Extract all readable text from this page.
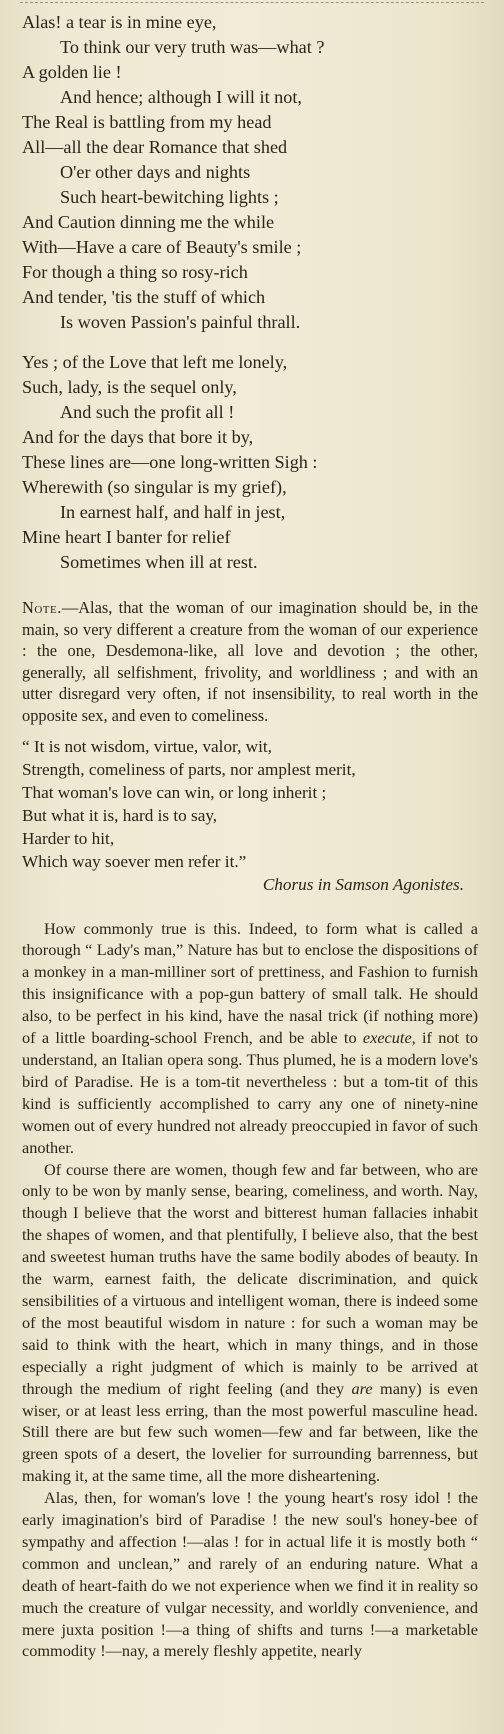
Alas! a tear is in mine eye,
To think our very truth was—what ?
A golden lie !
And hence; although I will it not,
The Real is battling from my head
All—all the dear Romance that shed
O'er other days and nights
Such heart-bewitching lights ;
And Caution dinning me the while
With—Have a care of Beauty's smile ;
For though a thing so rosy-rich
And tender, 'tis the stuff of which
Is woven Passion's painful thrall.
Yes ; of the Love that left me lonely,
Such, lady, is the sequel only,
And such the profit all !
And for the days that bore it by,
These lines are—one long-written Sigh :
Wherewith (so singular is my grief),
In earnest half, and half in jest,
Mine heart I banter for relief
Sometimes when ill at rest.

Note.—Alas, that the woman of our imagination should be, in the main, so very different a creature from the woman of our experience : the one, Desdemona-like, all love and devotion ; the other, generally, all selfishment, frivolity, and worldliness ; and with an utter disregard very often, if not insensibility, to real worth in the opposite sex, and even to comeliness.

“ It is not wisdom, virtue, valor, wit,
Strength, comeliness of parts, nor amplest merit,
That woman's love can win, or long inherit ;
But what it is, hard is to say,
Harder to hit,
Which way soever men refer it.”
Chorus in Samson Agonistes.

How commonly true is this. Indeed, to form what is called a thorough “ Lady's man,” Nature has but to enclose the dispositions of a monkey in a man-milliner sort of prettiness, and Fashion to furnish this insignificance with a pop-gun battery of small talk. He should also, to be perfect in his kind, have the nasal trick (if nothing more) of a little boarding-school French, and be able to execute, if not to understand, an Italian opera song. Thus plumed, he is a modern love's bird of Paradise. He is a tom-tit nevertheless : but a tom-tit of this kind is sufficiently accomplished to carry any one of ninety-nine women out of every hundred not already preoccupied in favor of such another.

Of course there are women, though few and far between, who are only to be won by manly sense, bearing, comeliness, and worth. Nay, though I believe that the worst and bitterest human fallacies inhabit the shapes of women, and that plentifully, I believe also, that the best and sweetest human truths have the same bodily abodes of beauty. In the warm, earnest faith, the delicate discrimination, and quick sensibilities of a virtuous and intelligent woman, there is indeed some of the most beautiful wisdom in nature : for such a woman may be said to think with the heart, which in many things, and in those especially a right judgment of which is mainly to be arrived at through the medium of right feeling (and they are many) is even wiser, or at least less erring, than the most powerful masculine head. Still there are but few such women—few and far between, like the green spots of a desert, the lovelier for surrounding barrenness, but making it, at the same time, all the more disheartening.

Alas, then, for woman's love ! the young heart's rosy idol ! the early imagination's bird of Paradise ! the new soul's honey-bee of sympathy and affection !—alas ! for in actual life it is mostly both “ common and unclean,” and rarely of an enduring nature. What a death of heart-faith do we not experience when we find it in reality so much the creature of vulgar necessity, and worldly convenience, and mere juxta position !—a thing of shifts and turns !—a marketable commodity !—nay, a merely fleshly appetite, nearly
